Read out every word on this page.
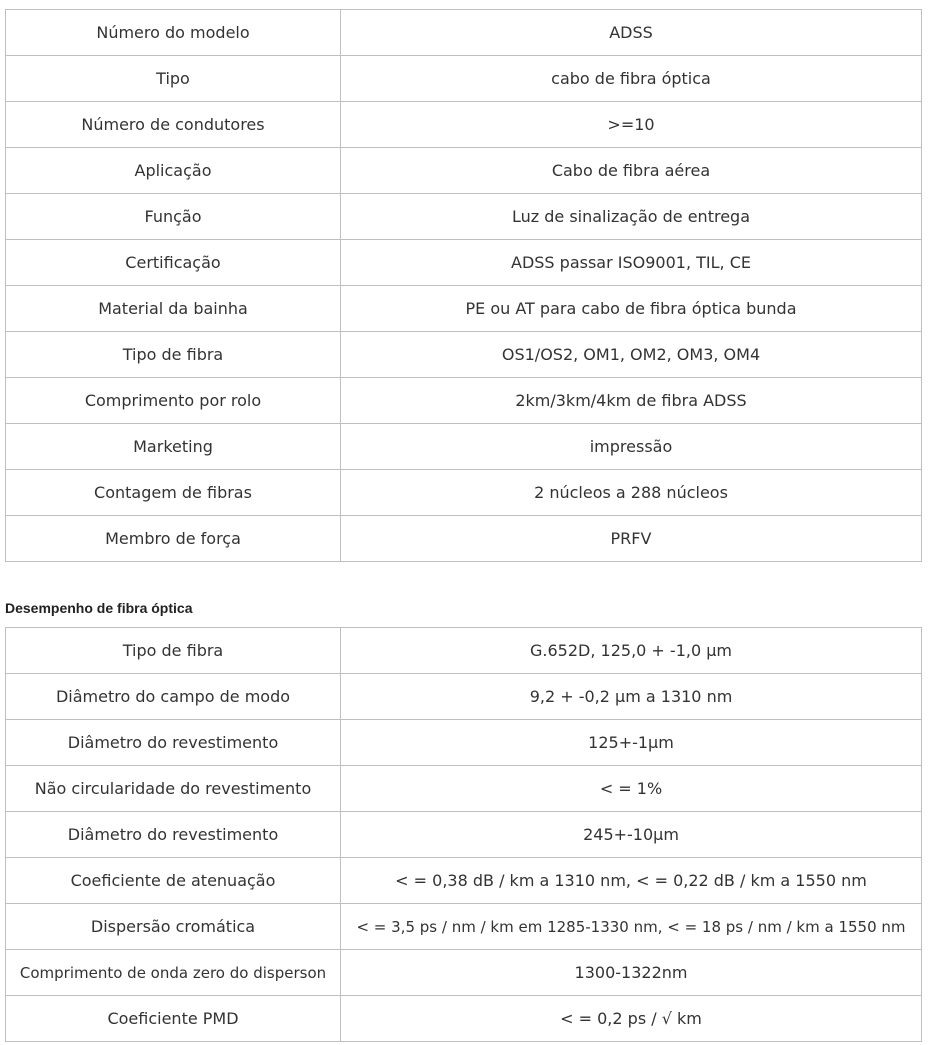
Número do modelo	ADSS
Tipo	cabo de fibra óptica
Número de condutores	>=10
Aplicação	Cabo de fibra aérea
Função	Luz de sinalização de entrega
Certificação	ADSS passar ISO9001, TIL, CE
Material da bainha	PE ou AT para cabo de fibra óptica bunda
Tipo de fibra	OS1/OS2, OM1, OM2, OM3, OM4
Comprimento por rolo	2km/3km/4km de fibra ADSS
Marketing	impressão
Contagem de fibras	2 núcleos a 288 núcleos
Membro de força	PRFV
Desempenho de fibra óptica
Tipo de fibra	G.652D, 125,0 + -1,0 μm
Diâmetro do campo de modo	9,2 + -0,2 μm a 1310 nm
Diâmetro do revestimento	125+-1μm
Não circularidade do revestimento	< = 1%
Diâmetro do revestimento	245+-10μm
Coeficiente de atenuação	< = 0,38 dB / km a 1310 nm, < = 0,22 dB / km a 1550 nm
Dispersão cromática	< = 3,5 ps / nm / km em 1285-1330 nm, < = 18 ps / nm / km a 1550 nm
Comprimento de onda zero do disperson	1300-1322nm
Coeficiente PMD	< = 0,2 ps / √ km
